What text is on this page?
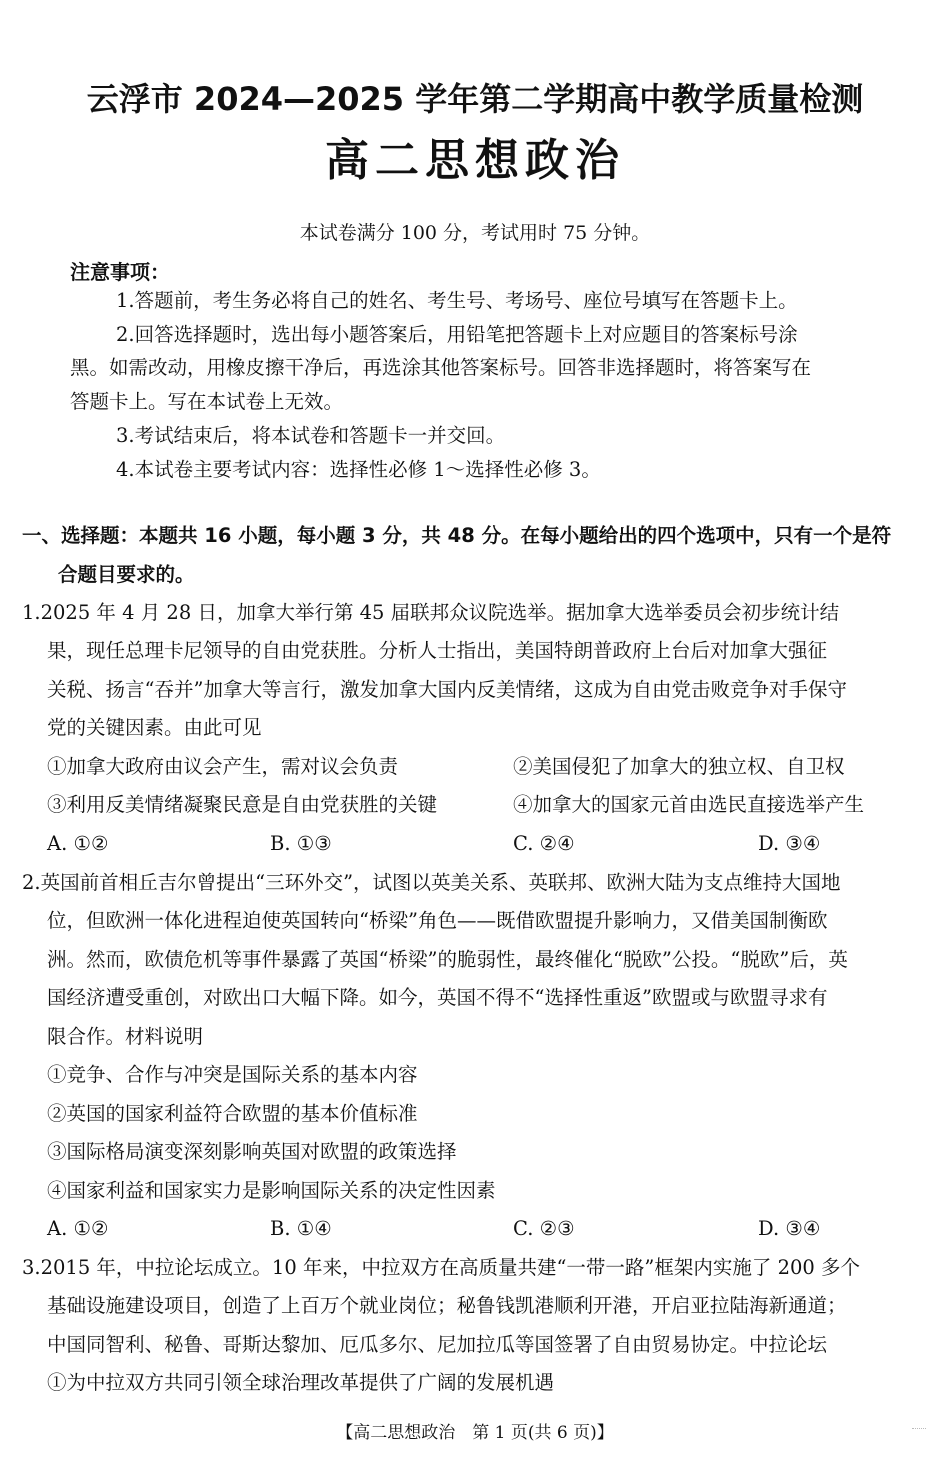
云浮市 2024—2025 学年第二学期高中教学质量检测
高二思想政治
本试卷满分 100 分，考试用时 75 分钟。
注意事项：
1.答题前，考生务必将自己的姓名、考生号、考场号、座位号填写在答题卡上。
2.回答选择题时，选出每小题答案后，用铅笔把答题卡上对应题目的答案标号涂
黑。如需改动，用橡皮擦干净后，再选涂其他答案标号。回答非选择题时，将答案写在
答题卡上。写在本试卷上无效。
3.考试结束后，将本试卷和答题卡一并交回。
4.本试卷主要考试内容：选择性必修 1～选择性必修 3。
一、选择题：本题共 16 小题，每小题 3 分，共 48 分。在每小题给出的四个选项中，只有一个是符
合题目要求的。
1.2025 年 4 月 28 日，加拿大举行第 45 届联邦众议院选举。据加拿大选举委员会初步统计结
果，现任总理卡尼领导的自由党获胜。分析人士指出，美国特朗普政府上台后对加拿大强征
关税、扬言“吞并”加拿大等言行，激发加拿大国内反美情绪，这成为自由党击败竞争对手保守
党的关键因素。由此可见
①加拿大政府由议会产生，需对议会负责	②美国侵犯了加拿大的独立权、自卫权
③利用反美情绪凝聚民意是自由党获胜的关键	④加拿大的国家元首由选民直接选举产生
A. ①②	B. ①③	C. ②④	D. ③④
2.英国前首相丘吉尔曾提出“三环外交”，试图以英美关系、英联邦、欧洲大陆为支点维持大国地
位，但欧洲一体化进程迫使英国转向“桥梁”角色——既借欧盟提升影响力，又借美国制衡欧
洲。然而，欧债危机等事件暴露了英国“桥梁”的脆弱性，最终催化“脱欧”公投。“脱欧”后，英
国经济遭受重创，对欧出口大幅下降。如今，英国不得不“选择性重返”欧盟或与欧盟寻求有
限合作。材料说明
①竞争、合作与冲突是国际关系的基本内容
②英国的国家利益符合欧盟的基本价值标准
③国际格局演变深刻影响英国对欧盟的政策选择
④国家利益和国家实力是影响国际关系的决定性因素
A. ①②	B. ①④	C. ②③	D. ③④
3.2015 年，中拉论坛成立。10 年来，中拉双方在高质量共建“一带一路”框架内实施了 200 多个
基础设施建设项目，创造了上百万个就业岗位；秘鲁钱凯港顺利开港，开启亚拉陆海新通道；
中国同智利、秘鲁、哥斯达黎加、厄瓜多尔、尼加拉瓜等国签署了自由贸易协定。中拉论坛
①为中拉双方共同引领全球治理改革提供了广阔的发展机遇
【高二思想政治　第 1 页(共 6 页)】
